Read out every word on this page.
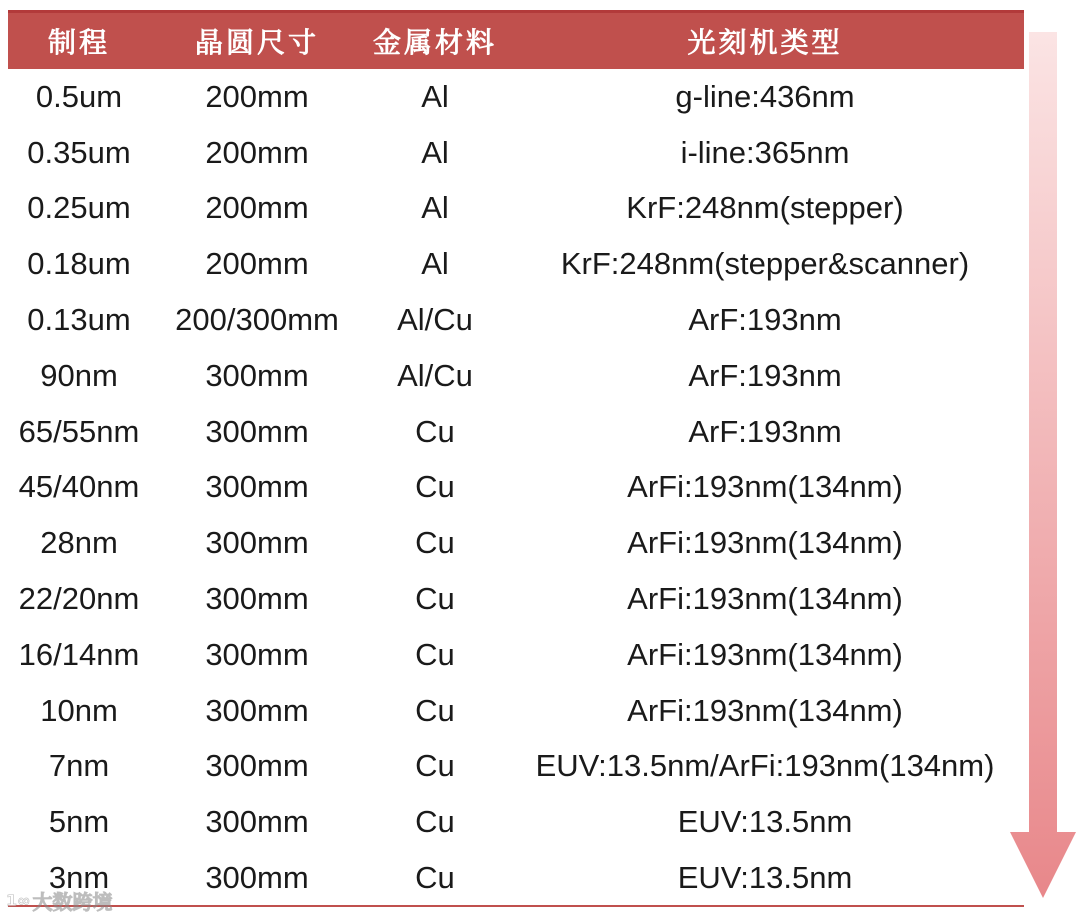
制程	晶圆尺寸	金属材料	光刻机类型
0.5um	200mm	Al	g-line:436nm
0.35um	200mm	Al	i-line:365nm
0.25um	200mm	Al	KrF:248nm(stepper)
0.18um	200mm	Al	KrF:248nm(stepper&scanner)
0.13um	200/300mm	Al/Cu	ArF:193nm
90nm	300mm	Al/Cu	ArF:193nm
65/55nm	300mm	Cu	ArF:193nm
45/40nm	300mm	Cu	ArFi:193nm(134nm)
28nm	300mm	Cu	ArFi:193nm(134nm)
22/20nm	300mm	Cu	ArFi:193nm(134nm)
16/14nm	300mm	Cu	ArFi:193nm(134nm)
10nm	300mm	Cu	ArFi:193nm(134nm)
7nm	300mm	Cu	EUV:13.5nm/ArFi:193nm(134nm)
5nm	300mm	Cu	EUV:13.5nm
3nm	300mm	Cu	EUV:13.5nm
1∞ 大数跨境
